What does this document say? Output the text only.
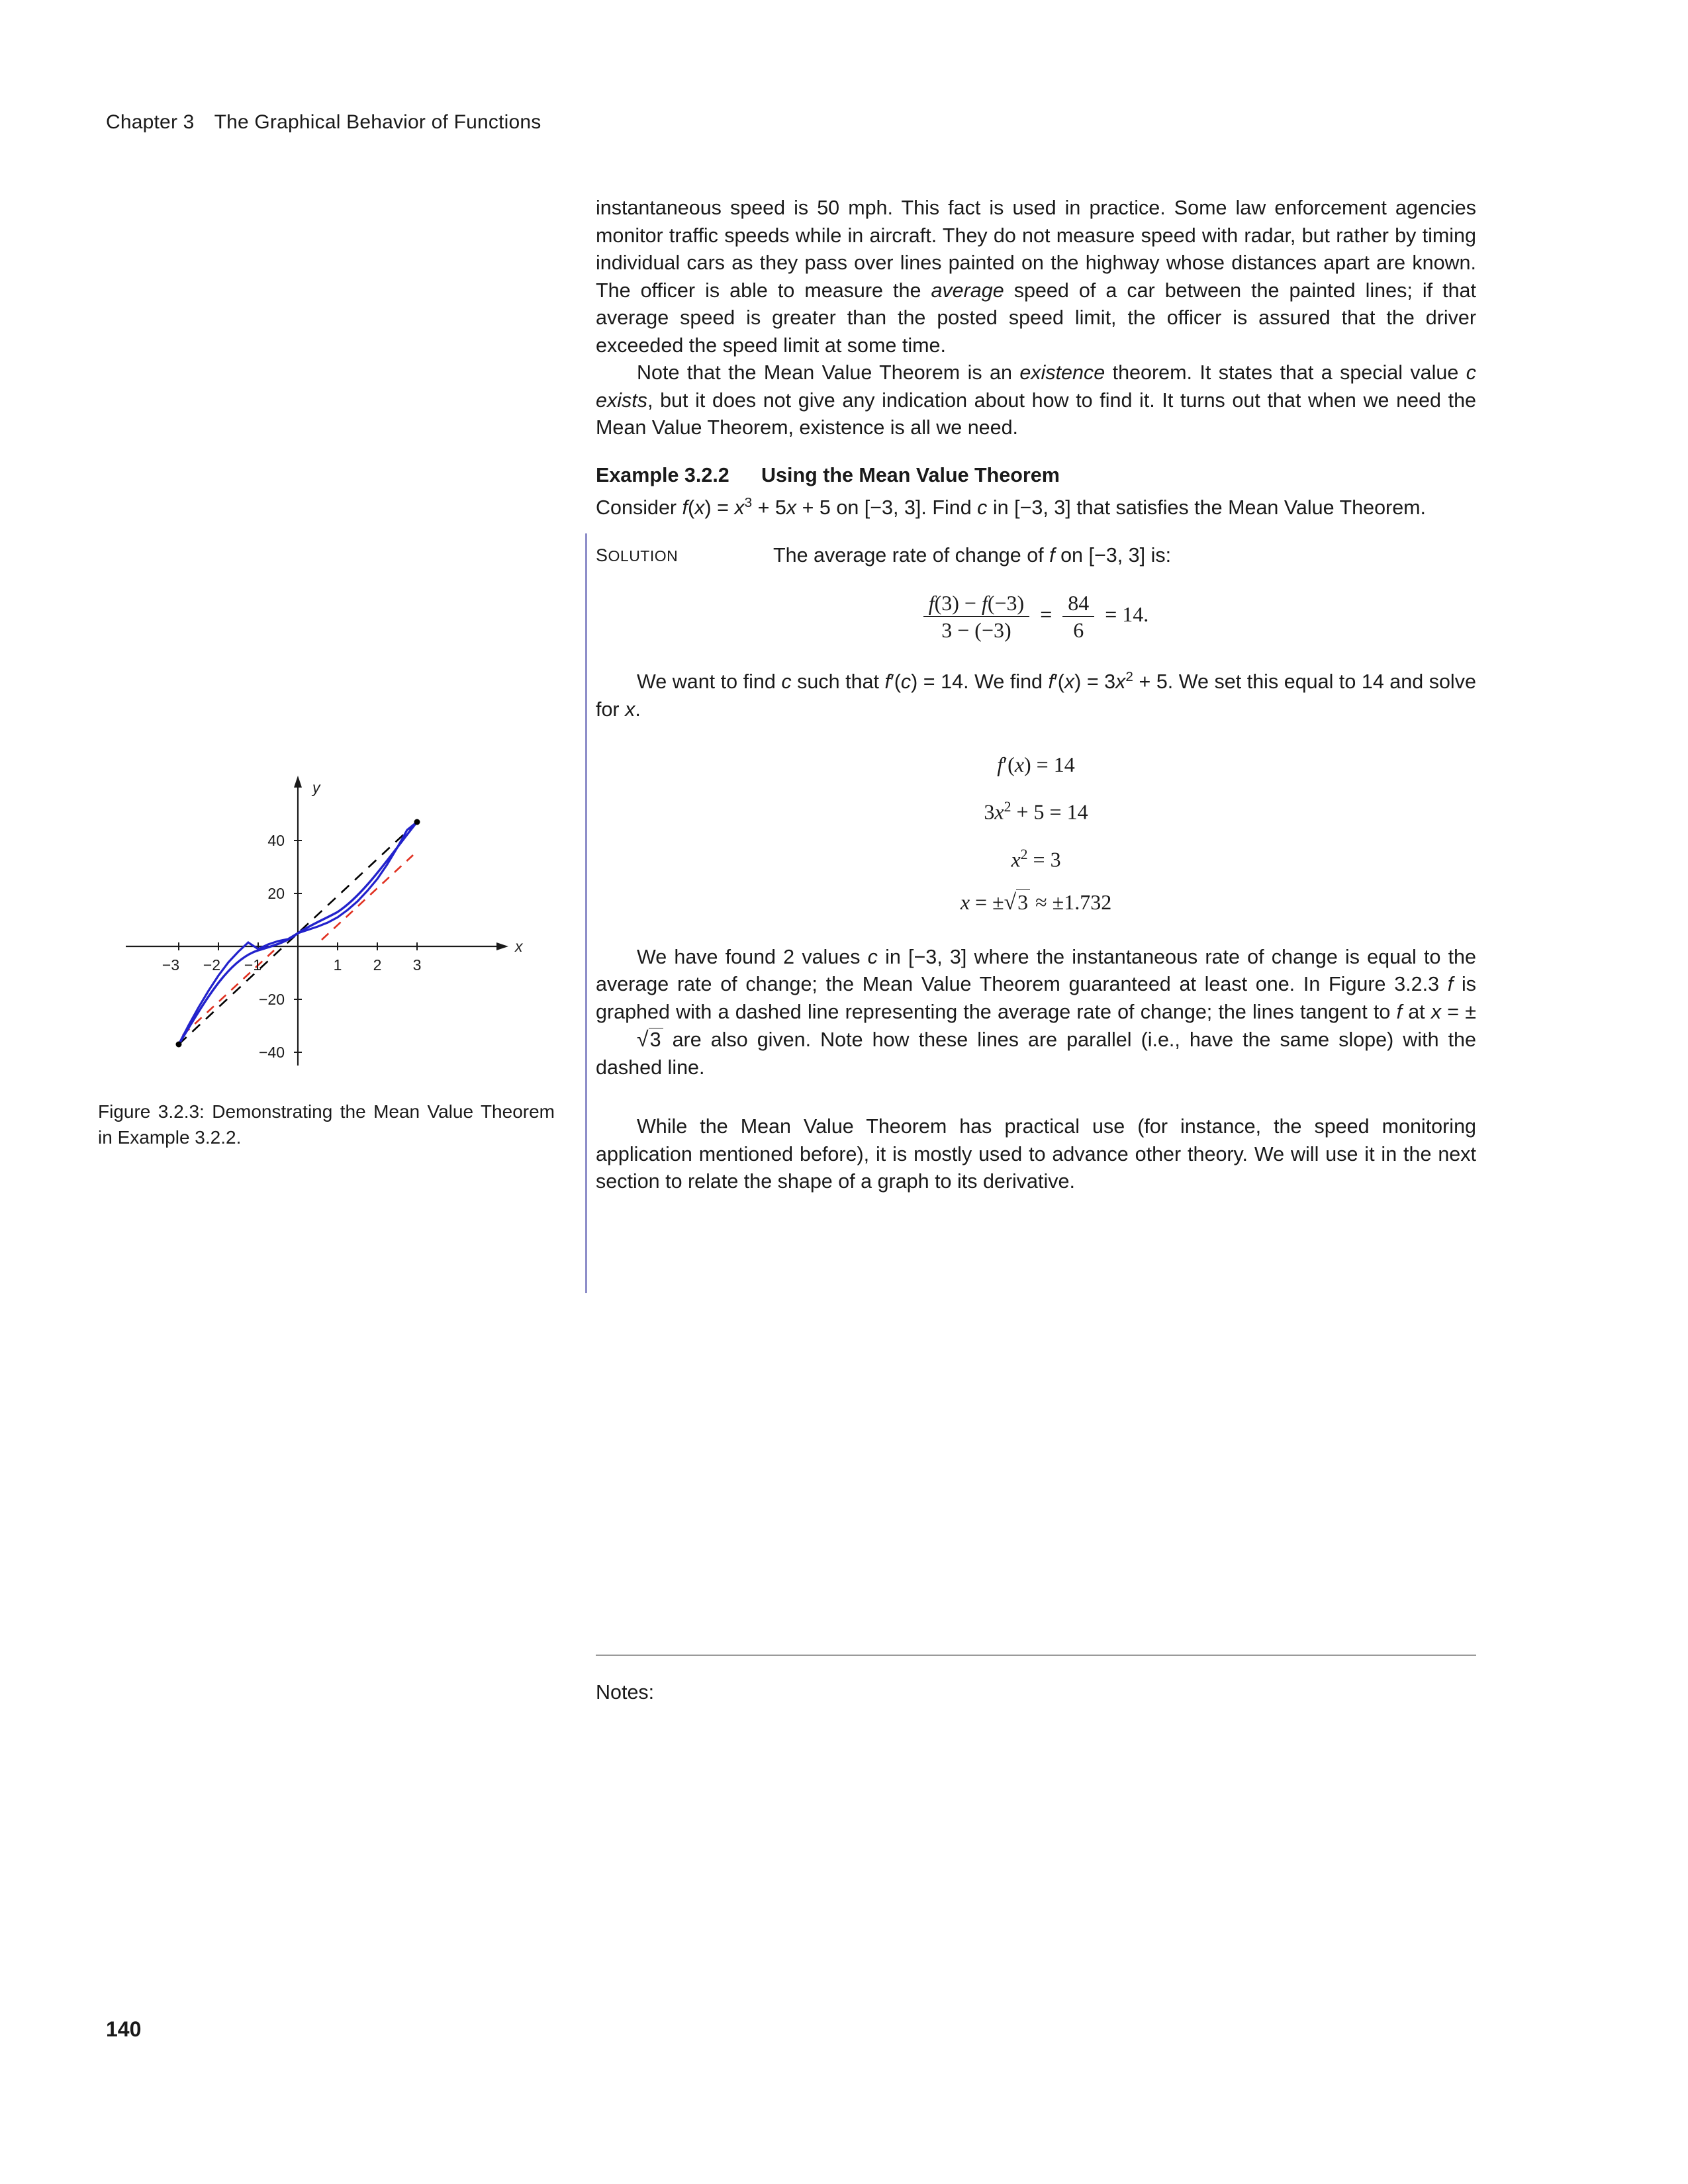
Chapter 3 The Graphical Behavior of Functions

instantaneous speed is 50 mph. This fact is used in practice. Some law enforcement agencies monitor traffic speeds while in aircraft. They do not measure speed with radar, but rather by timing individual cars as they pass over lines painted on the highway whose distances apart are known. The officer is able to measure the average speed of a car between the painted lines; if that average speed is greater than the posted speed limit, the officer is assured that the driver exceeded the speed limit at some time.

Note that the Mean Value Theorem is an existence theorem. It states that a special value c exists, but it does not give any indication about how to find it. It turns out that when we need the Mean Value Theorem, existence is all we need.

Example 3.2.2	Using the Mean Value Theorem

Consider $f(x) = x^3 + 5x + 5$ on [−3, 3]. Find c in [−3, 3] that satisfies the Mean Value Theorem.

SOLUTION	The average rate of change of f on [−3, 3] is:
$\frac{f(3) - f(-3)}{3 - (-3)} = \frac{84}{6} = 14$.

We want to find c such that f′(c) = 14. We find $f'(x) = 3x^2 + 5$. We set this equal to 14 and solve for x.

f′(x) = 14
$3x^2 + 5 = 14$
$x^2 = 3$
x = ±√3 ≈ ±1.732

We have found 2 values c in [−3, 3] where the instantaneous rate of change is equal to the average rate of change; the Mean Value Theorem guaranteed at least one. In Figure 3.2.3 f is graphed with a dashed line representing the average rate of change; the lines tangent to f at x = ±√3 are also given. Note how these lines are parallel (i.e., have the same slope) with the dashed line.

While the Mean Value Theorem has practical use (for instance, the speed monitoring application mentioned before), it is mostly used to advance other theory. We will use it in the next section to relate the shape of a graph to its derivative.

−3 −2 −1	1 2 3
40
20
−20
−40
y
x
Figure 3.2.3: Demonstrating the Mean Value Theorem in Example 3.2.2.
Notes:
140
